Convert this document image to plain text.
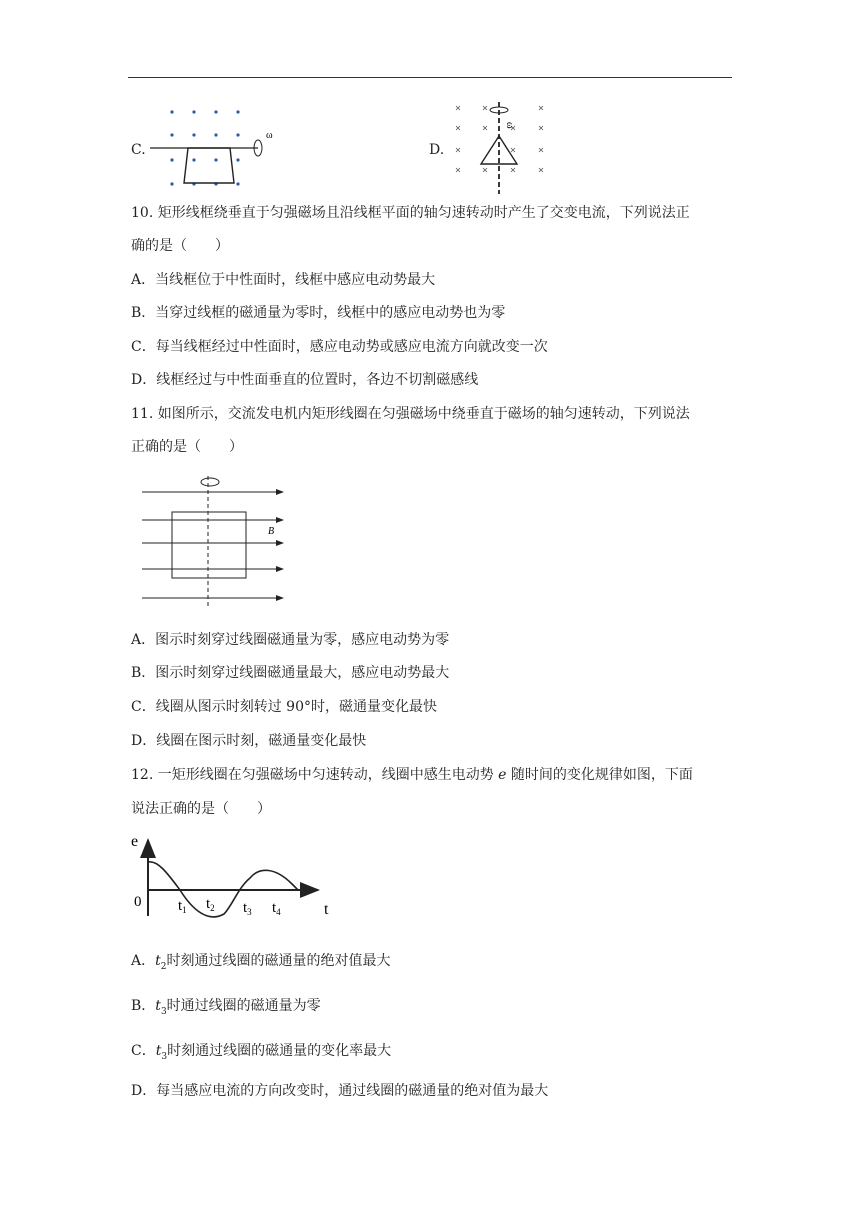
C.
ω
D.
ω
10. 矩形线框绕垂直于匀强磁场且沿线框平面的轴匀速转动时产生了交变电流，下列说法正
确的是（　　）
A．当线框位于中性面时，线框中感应电动势最大
B．当穿过线框的磁通量为零时，线框中的感应电动势也为零
C．每当线框经过中性面时，感应电动势或感应电流方向就改变一次
D．线框经过与中性面垂直的位置时，各边不切割磁感线
11. 如图所示，交流发电机内矩形线圈在匀强磁场中绕垂直于磁场的轴匀速转动，下列说法
正确的是（　　）
B
A．图示时刻穿过线圈磁通量为零，感应电动势为零
B．图示时刻穿过线圈磁通量最大，感应电动势最大
C．线圈从图示时刻转过 90°时，磁通量变化最快
D．线圈在图示时刻，磁通量变化最快
12. 一矩形线圈在匀强磁场中匀速转动，线圈中感生电动势 e 随时间的变化规律如图，下面
说法正确的是（　　）
e
t
0 $t_1$ $t_2$ $t_3$ $t_4$
A．$t_2$时刻通过线圈的磁通量的绝对值最大
B．$t_3$时通过线圈的磁通量为零
C．$t_3$时刻通过线圈的磁通量的变化率最大
D．每当感应电流的方向改变时，通过线圈的磁通量的绝对值为最大
